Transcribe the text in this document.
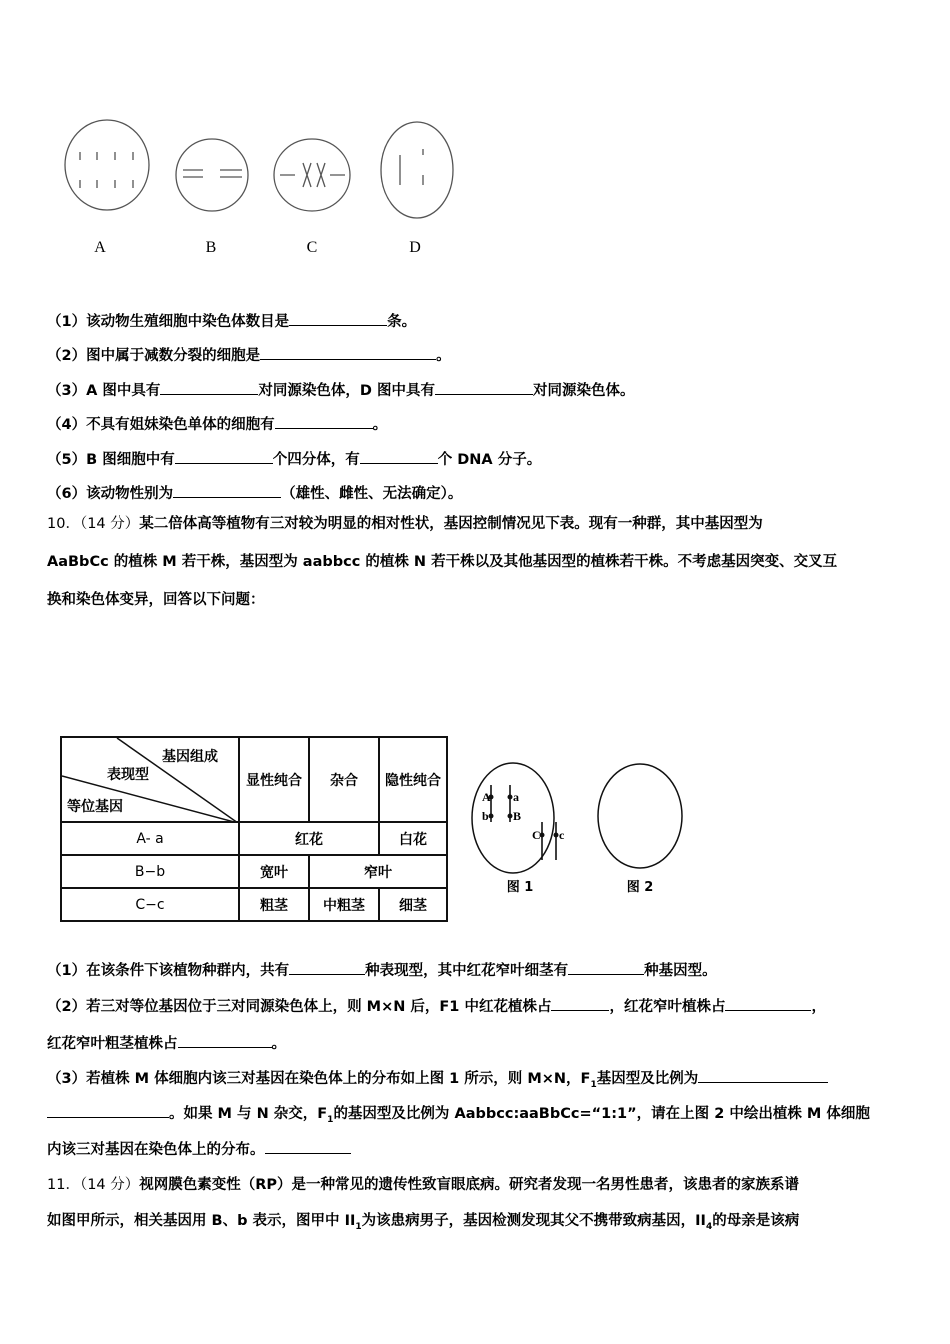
A	B	C	D
（1）该动物生殖细胞中染色体数目是	条。
（2）图中属于减数分裂的细胞是	。
（3）A 图中具有	对同源染色体，D 图中具有	对同源染色体。
（4）不具有姐妹染色单体的细胞有	。
（5）B 图细胞中有	个四分体，有	个 DNA 分子。
（6）该动物性别为	（雄性、雌性、无法确定）。
10．（14 分）某二倍体高等植物有三对较为明显的相对性状，基因控制情况见下表。现有一种群，其中基因型为
AaBbCc 的植株 M 若干株，基因型为 aabbcc 的植株 N 若干株以及其他基因型的植株若干株。不考虑基因突变、交叉互
换和染色体变异，回答以下问题：
基因组成
表现型
等位基因	显性纯合	杂合	隐性纯合
A- a	红花		白花
B−b	宽叶	窄叶	
C−c	粗茎	中粗茎	细茎
A a
b B
C c
图 1	图 2
（1）在该条件下该植物种群内，共有	种表现型，其中红花窄叶细茎有	种基因型。
（2）若三对等位基因位于三对同源染色体上，则 M×N 后，F1 中红花植株占	，红花窄叶植株占	，
红花窄叶粗茎植株占	。
（3）若植株 M 体细胞内该三对基因在染色体上的分布如上图 1 所示，则 M×N，$F_1$基因型及比例为
。如果 M 与 N 杂交，$F_1$的基因型及比例为 Aabbcc:aaBbCc=“1:1”，请在上图 2 中绘出植株 M 体细胞
内该三对基因在染色体上的分布。
11．（14 分）视网膜色素变性（RP）是一种常见的遗传性致盲眼底病。研究者发现一名男性患者，该患者的家族系谱
如图甲所示，相关基因用 B、b 表示，图甲中 $II_1$为该患病男子，基因检测发现其父不携带致病基因，$II_4$的母亲是该病
